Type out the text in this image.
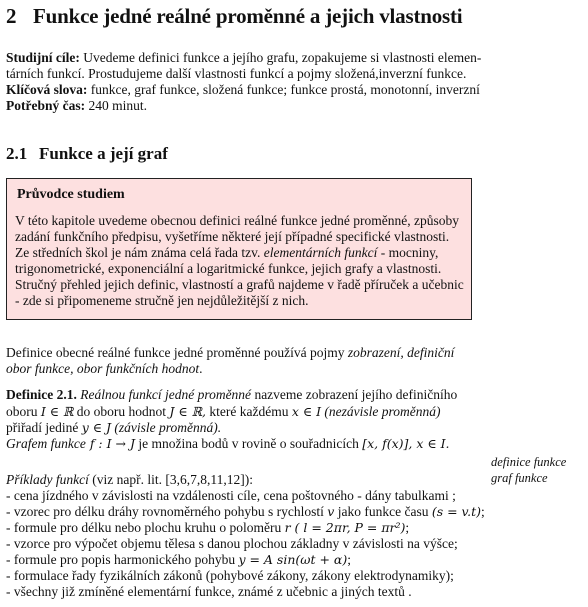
2 Funkce jedné reálné proměnné a jejich vlastnosti
Studijní cíle: Uvedeme definici funkce a jejího grafu, zopakujeme si vlastnosti elemen-
tárních funkcí. Prostudujeme další vlastnosti funkcí a pojmy složená,inverzní funkce.
Klíčová slova: funkce, graf funkce, složená funkce; funkce prostá, monotonní, inverzní
Potřebný čas: 240 minut.
2.1 Funkce a její graf
Průvodce studiem
V této kapitole uvedeme obecnou definici reálné funkce jedné proměnné, způsoby
zadání funkčního předpisu, vyšetříme některé její případné specifické vlastnosti.
Ze středních škol je nám známa celá řada tzv. elementárních funkcí - mocniny,
trigonometrické, exponenciální a logaritmické funkce, jejich grafy a vlastnosti.
Stručný přehled jejich definic, vlastností a grafů najdeme v řadě příruček a učebnic
- zde si připomeneme stručně jen nejdůležitější z nich.
Definice obecné reálné funkce jedné proměnné používá pojmy zobrazení, definiční
obor funkce, obor funkčních hodnot.
Definice 2.1. Reálnou funkcí jedné proměnné nazveme zobrazení jejího definičního
oboru I ∈ ℝ do oboru hodnot J ∈ ℝ, které každému x ∈ I (nezávisle proměnná)
přiřadí jediné y ∈ J (závisle proměnná).
Grafem funkce f : I → J je množina bodů v rovině o souřadnicích [x, f(x)], x ∈ I.
definice funkce
graf funkce
Příklady funkcí (viz např. lit. [3,6,7,8,11,12]):
- cena jízdného v závislosti na vzdálenosti cíle, cena poštovného - dány tabulkami ;
- vzorec pro délku dráhy rovnoměrného pohybu s rychlostí v jako funkce času (s = v.t);
- formule pro délku nebo plochu kruhu o poloměru r ( l = 2πr, P = πr²);
- vzorce pro výpočet objemu tělesa s danou plochou základny v závislosti na výšce;
- formule pro popis harmonického pohybu y = A sin(ωt + α);
- formulace řady fyzikálních zákonů (pohybové zákony, zákony elektrodynamiky);
- všechny již zmíněné elementární funkce, známé z učebnic a jiných textů .
